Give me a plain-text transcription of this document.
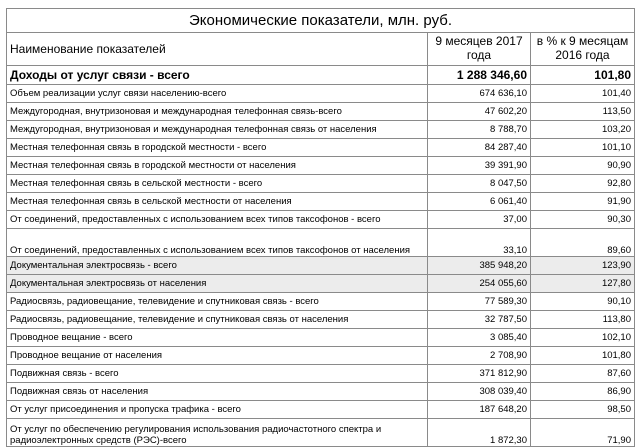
Экономические показатели, млн. руб.		
Наименование показателей	9 месяцев 2017 года	в % к 9 месяцам 2016 года
Доходы от услуг связи - всего	1 288 346,60	101,80
Объем реализации услуг связи населению-всего	674 636,10	101,40
Междугородная, внутризоновая и международная телефонная связь-всего	47 602,20	113,50
Междугородная, внутризоновая и международная телефонная связь от населения	8 788,70	103,20
Местная телефонная связь в городской местности - всего	84 287,40	101,10
Местная телефонная связь в городской местности от населения	39 391,90	90,90
Местная телефонная связь в сельской местности - всего	8 047,50	92,80
Местная телефонная связь в сельской местности от населения	6 061,40	91,90
От соединений, предоставленных с использованием всех типов таксофонов - всего	37,00	90,30
От соединений, предоставленных с использованием всех типов таксофонов от населения	33,10	89,60
Документальная электросвязь - всего	385 948,20	123,90
Документальная электросвязь от населения	254 055,60	127,80
Радиосвязь, радиовещание, телевидение и спутниковая связь - всего	77 589,30	90,10
Радиосвязь, радиовещание, телевидение и спутниковая связь от населения	32 787,50	113,80
Проводное вещание - всего	3 085,40	102,10
Проводное вещание от населения	2 708,90	101,80
Подвижная связь - всего	371 812,90	87,60
Подвижная связь от населения	308 039,40	86,90
От услуг присоединения и пропуска трафика - всего	187 648,20	98,50
От услуг по обеспечению регулирования использования радиочастотного спектра и радиоэлектронных средств (РЭС)-всего	1 872,30	71,90
